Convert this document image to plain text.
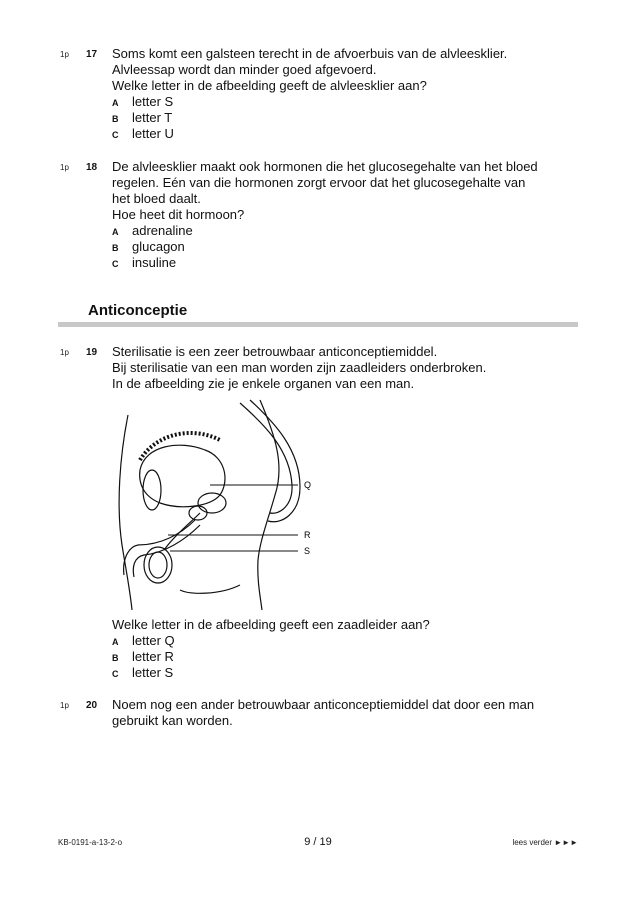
1p 17 Soms komt een galsteen terecht in de afvoerbuis van de alvleesklier.
Alvleessap wordt dan minder goed afgevoerd.
Welke letter in de afbeelding geeft de alvleesklier aan?
A letter S
B letter T
C letter U
1p 18 De alvleesklier maakt ook hormonen die het glucosegehalte van het bloed
regelen. Eén van die hormonen zorgt ervoor dat het glucosegehalte van
het bloed daalt.
Hoe heet dit hormoon?
A adrenaline
B glucagon
C insuline
Anticonceptie
1p 19 Sterilisatie is een zeer betrouwbaar anticonceptiemiddel.
Bij sterilisatie van een man worden zijn zaadleiders onderbroken.
In de afbeelding zie je enkele organen van een man.
Q
R
S
Welke letter in de afbeelding geeft een zaadleider aan?
A letter Q
B letter R
C letter S
1p 20 Noem nog een ander betrouwbaar anticonceptiemiddel dat door een man
gebruikt kan worden.
KB-0191-a-13-2-o	9 / 19	lees verder ►►►
